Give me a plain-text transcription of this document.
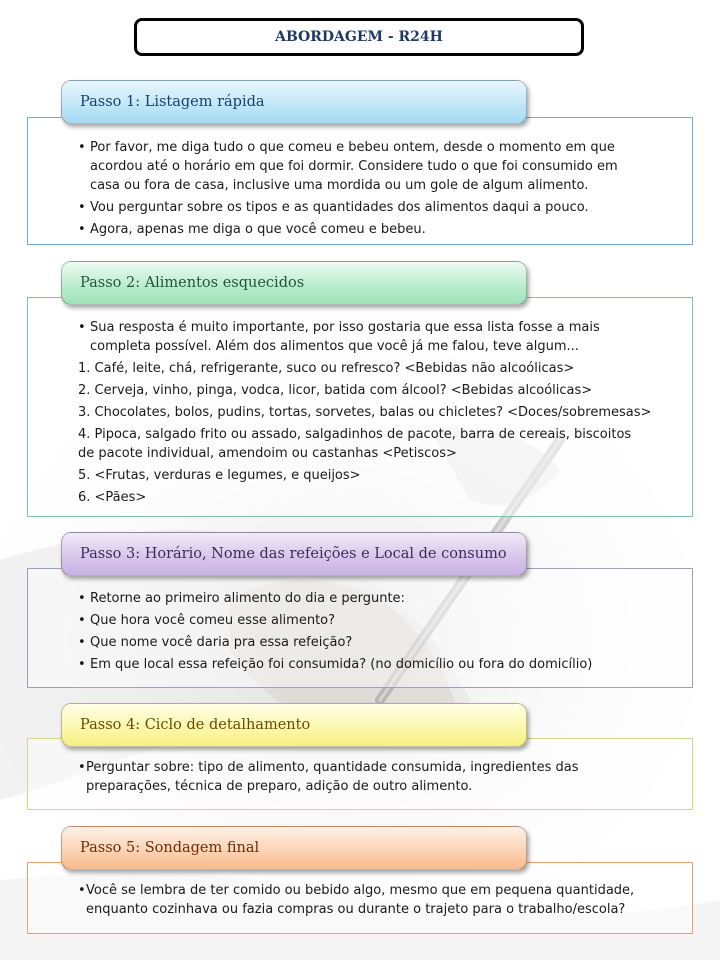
ABORDAGEM - R24H
Passo 1: Listagem rápida
• Por favor, me diga tudo o que comeu e bebeu ontem, desde o momento em que
acordou até o horário em que foi dormir. Considere tudo o que foi consumido em
casa ou fora de casa, inclusive uma mordida ou um gole de algum alimento.
• Vou perguntar sobre os tipos e as quantidades dos alimentos daqui a pouco.
• Agora, apenas me diga o que você comeu e bebeu.
Passo 2: Alimentos esquecidos
• Sua resposta é muito importante, por isso gostaria que essa lista fosse a mais
completa possível. Além dos alimentos que você já me falou, teve algum...
1. Café, leite, chá, refrigerante, suco ou refresco? <Bebidas não alcoólicas>
2. Cerveja, vinho, pinga, vodca, licor, batida com álcool? <Bebidas alcoólicas>
3. Chocolates, bolos, pudins, tortas, sorvetes, balas ou chicletes? <Doces/sobremesas>
4. Pipoca, salgado frito ou assado, salgadinhos de pacote, barra de cereais, biscoitos
de pacote individual, amendoim ou castanhas <Petiscos>
5. <Frutas, verduras e legumes, e queijos>
6. <Pães>
Passo 3: Horário, Nome das refeições e Local de consumo
• Retorne ao primeiro alimento do dia e pergunte:
• Que hora você comeu esse alimento?
• Que nome você daria pra essa refeição?
• Em que local essa refeição foi consumida? (no domicílio ou fora do domicílio)
Passo 4: Ciclo de detalhamento
• Perguntar sobre: tipo de alimento, quantidade consumida, ingredientes das
preparações, técnica de preparo, adição de outro alimento.
Passo 5: Sondagem final
• Você se lembra de ter comido ou bebido algo, mesmo que em pequena quantidade,
enquanto cozinhava ou fazia compras ou durante o trajeto para o trabalho/escola?
